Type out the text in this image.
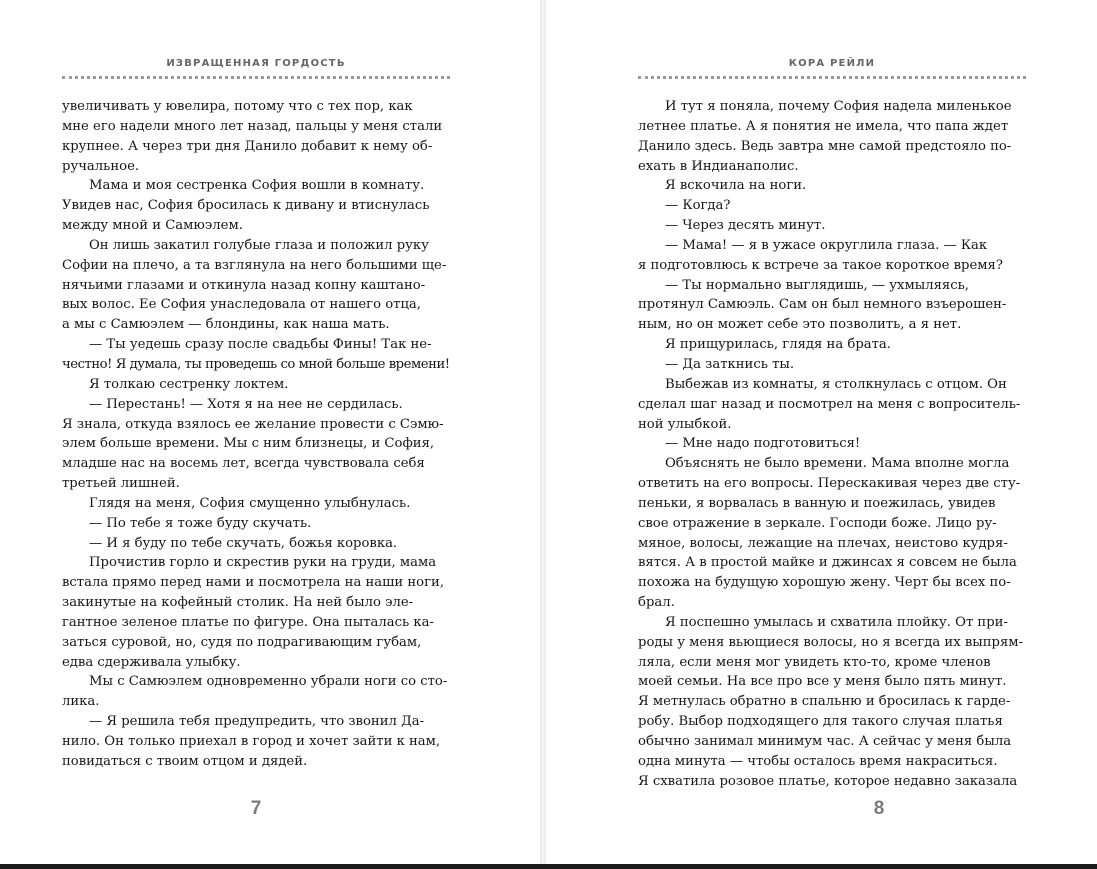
ИЗВРАЩЕННАЯ ГОРДОСТЬ
увеличивать у ювелира, потому что с тех пор, как
мне его надели много лет назад, пальцы у меня стали
крупнее. А через три дня Данило добавит к нему об-
ручальное.
Мама и моя сестренка София вошли в комнату.
Увидев нас, София бросилась к дивану и втиснулась
между мной и Самюэлем.
Он лишь закатил голубые глаза и положил руку
Софии на плечо, а та взглянула на него большими ще-
нячьими глазами и откинула назад копну каштано-
вых волос. Ее София унаследовала от нашего отца,
а мы с Самюэлем — блондины, как наша мать.
— Ты уедешь сразу после свадьбы Фины! Так не-
честно! Я думала, ты проведешь со мной больше времени!
Я толкаю сестренку локтем.
— Перестань! — Хотя я на нее не сердилась.
Я знала, откуда взялось ее желание провести с Сэмю-
элем больше времени. Мы с ним близнецы, и София,
младше нас на восемь лет, всегда чувствовала себя
третьей лишней.
Глядя на меня, София смущенно улыбнулась.
— По тебе я тоже буду скучать.
— И я буду по тебе скучать, божья коровка.
Прочистив горло и скрестив руки на груди, мама
встала прямо перед нами и посмотрела на наши ноги,
закинутые на кофейный столик. На ней было эле-
гантное зеленое платье по фигуре. Она пыталась ка-
заться суровой, но, судя по подрагивающим губам,
едва сдерживала улыбку.
Мы с Самюэлем одновременно убрали ноги со сто-
лика.
— Я решила тебя предупредить, что звонил Да-
нило. Он только приехал в город и хочет зайти к нам,
повидаться с твоим отцом и дядей.
7
КОРА РЕЙЛИ
И тут я поняла, почему София надела миленькое
летнее платье. А я понятия не имела, что папа ждет
Данило здесь. Ведь завтра мне самой предстояло по-
ехать в Индианаполис.
Я вскочила на ноги.
— Когда?
— Через десять минут.
— Мама! — я в ужасе округлила глаза. — Как
я подготовлюсь к встрече за такое короткое время?
— Ты нормально выглядишь, — ухмыляясь,
протянул Самюэль. Сам он был немного взъерошен-
ным, но он может себе это позволить, а я нет.
Я прищурилась, глядя на брата.
— Да заткнись ты.
Выбежав из комнаты, я столкнулась с отцом. Он
сделал шаг назад и посмотрел на меня с вопроситель-
ной улыбкой.
— Мне надо подготовиться!
Объяснять не было времени. Мама вполне могла
ответить на его вопросы. Перескакивая через две сту-
пеньки, я ворвалась в ванную и поежилась, увидев
свое отражение в зеркале. Господи боже. Лицо ру-
мяное, волосы, лежащие на плечах, неистово кудря-
вятся. А в простой майке и джинсах я совсем не была
похожа на будущую хорошую жену. Черт бы всех по-
брал.
Я поспешно умылась и схватила плойку. От при-
роды у меня вьющиеся волосы, но я всегда их выпрям-
ляла, если меня мог увидеть кто-то, кроме членов
моей семьи. На все про все у меня было пять минут.
Я метнулась обратно в спальню и бросилась к гарде-
робу. Выбор подходящего для такого случая платья
обычно занимал минимум час. А сейчас у меня была
одна минута — чтобы осталось время накраситься.
Я схватила розовое платье, которое недавно заказала
8
